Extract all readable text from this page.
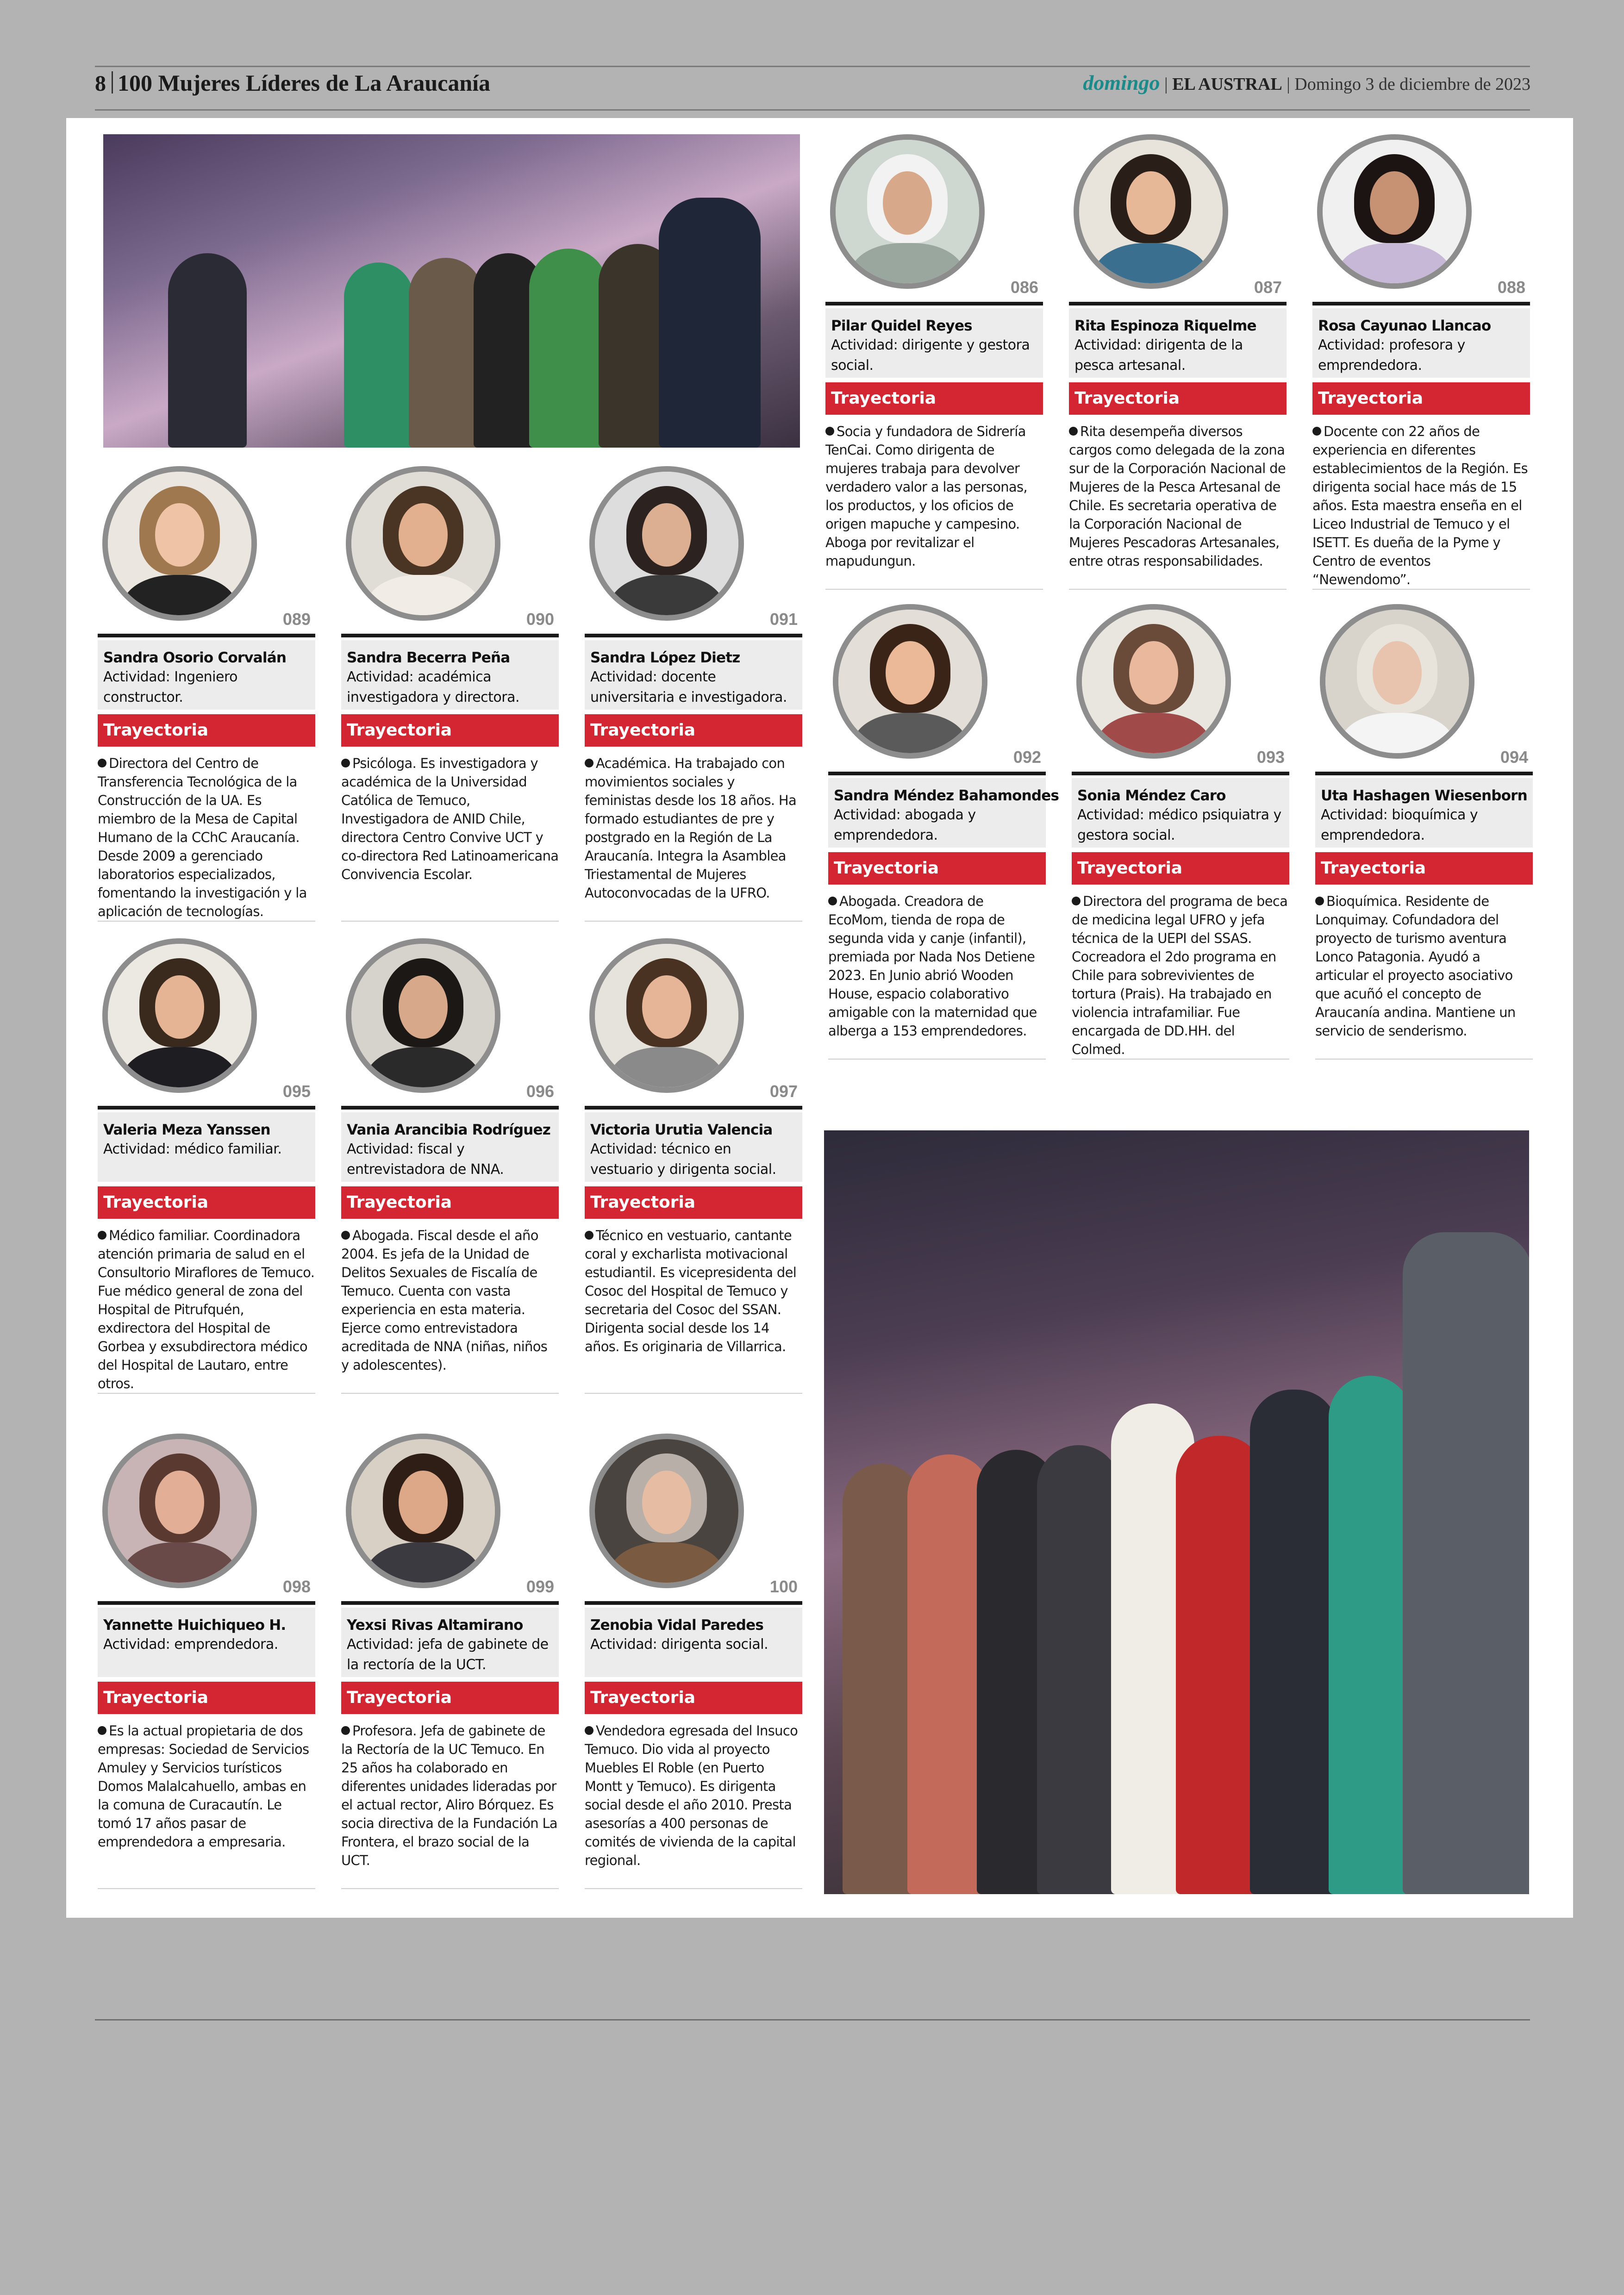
8 100 Mujeres Líderes de La Araucanía	domingo | EL AUSTRAL | Domingo 3 de diciembre de 2023
086
Pilar Quidel Reyes
Actividad: dirigente y gestora social.
Trayectoria
Socia y fundadora de Sidrería TenCai. Como dirigenta de mujeres trabaja para devolver verdadero valor a las personas, los productos, y los oficios de origen mapuche y campesino. Aboga por revitalizar el mapudungun.
087
Rita Espinoza Riquelme
Actividad: dirigenta de la pesca artesanal.
Trayectoria
Rita desempeña diversos cargos como delegada de la zona sur de la Corporación Nacional de Mujeres de la Pesca Artesanal de Chile. Es secretaria operativa de la Corporación Nacional de Mujeres Pescadoras Artesanales, entre otras responsabilidades.
088
Rosa Cayunao Llancao
Actividad: profesora y emprendedora.
Trayectoria
Docente con 22 años de experiencia en diferentes establecimientos de la Región. Es dirigenta social hace más de 15 años. Esta maestra enseña en el Liceo Industrial de Temuco y el ISETT. Es dueña de la Pyme y Centro de eventos “Newendomo”.
089
Sandra Osorio Corvalán
Actividad: Ingeniero constructor.
Trayectoria
Directora del Centro de Transferencia Tecnológica de la Construcción de la UA. Es miembro de la Mesa de Capital Humano de la CChC Araucanía. Desde 2009 a gerenciado laboratorios especializados, fomentando la investigación y la aplicación de tecnologías.
090
Sandra Becerra Peña
Actividad: académica investigadora y directora.
Trayectoria
Psicóloga. Es investigadora y académica de la Universidad Católica de Temuco, Investigadora de ANID Chile, directora Centro Convive UCT y co-directora Red Latinoamericana Convivencia Escolar.
091
Sandra López Dietz
Actividad: docente universitaria e investigadora.
Trayectoria
Académica. Ha trabajado con movimientos sociales y feministas desde los 18 años. Ha formado estudiantes de pre y postgrado en la Región de La Araucanía. Integra la Asamblea Triestamental de Mujeres Autoconvocadas de la UFRO.
092
Sandra Méndez Bahamondes
Actividad: abogada y emprendedora.
Trayectoria
Abogada. Creadora de EcoMom, tienda de ropa de segunda vida y canje (infantil), premiada por Nada Nos Detiene 2023. En Junio abrió Wooden House, espacio colaborativo amigable con la maternidad que alberga a 153 emprendedores.
093
Sonia Méndez Caro
Actividad: médico psiquiatra y gestora social.
Trayectoria
Directora del programa de beca de medicina legal UFRO y jefa técnica de la UEPI del SSAS. Cocreadora el 2do programa en Chile para sobrevivientes de tortura (Prais). Ha trabajado en violencia intrafamiliar. Fue encargada de DD.HH. del Colmed.
094
Uta Hashagen Wiesenborn
Actividad: bioquímica y emprendedora.
Trayectoria
Bioquímica. Residente de Lonquimay. Cofundadora del proyecto de turismo aventura Lonco Patagonia. Ayudó a articular el proyecto asociativo que acuñó el concepto de Araucanía andina. Mantiene un servicio de senderismo.
095
Valeria Meza Yanssen
Actividad: médico familiar.
Trayectoria
Médico familiar. Coordinadora atención primaria de salud en el Consultorio Miraflores de Temuco. Fue médico general de zona del Hospital de Pitrufquén, exdirectora del Hospital de Gorbea y exsubdirectora médico del Hospital de Lautaro, entre otros.
096
Vania Arancibia Rodríguez
Actividad: fiscal y entrevistadora de NNA.
Trayectoria
Abogada. Fiscal desde el año 2004. Es jefa de la Unidad de Delitos Sexuales de Fiscalía de Temuco. Cuenta con vasta experiencia en esta materia. Ejerce como entrevistadora acreditada de NNA (niñas, niños y adolescentes).
097
Victoria Urutia Valencia
Actividad: técnico en vestuario y dirigenta social.
Trayectoria
Técnico en vestuario, cantante coral y excharlista motivacional estudiantil. Es vicepresidenta del Cosoc del Hospital de Temuco y secretaria del Cosoc del SSAN. Dirigenta social desde los 14 años. Es originaria de Villarrica.
098
Yannette Huichiqueo H.
Actividad: emprendedora.
Trayectoria
Es la actual propietaria de dos empresas: Sociedad de Servicios Amuley y Servicios turísticos Domos Malalcahuello, ambas en la comuna de Curacautín. Le tomó 17 años pasar de emprendedora a empresaria.
099
Yexsi Rivas Altamirano
Actividad: jefa de gabinete de la rectoría de la UCT.
Trayectoria
Profesora. Jefa de gabinete de la Rectoría de la UC Temuco. En 25 años ha colaborado en diferentes unidades lideradas por el actual rector, Aliro Bórquez. Es socia directiva de la Fundación La Frontera, el brazo social de la UCT.
100
Zenobia Vidal Paredes
Actividad: dirigenta social.
Trayectoria
Vendedora egresada del Insuco Temuco. Dio vida al proyecto Muebles El Roble (en Puerto Montt y Temuco). Es dirigenta social desde el año 2010. Presta asesorías a 400 personas de comités de vivienda de la capital regional.
